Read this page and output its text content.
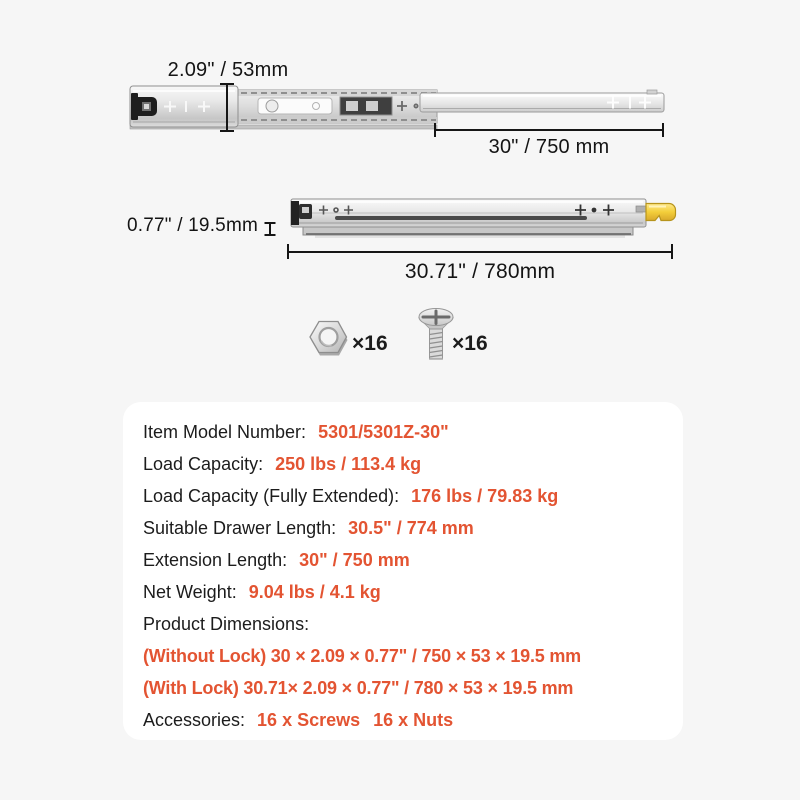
2.09" / 53mm
30" / 750 mm
0.77" / 19.5mm
30.71" / 780mm
×16	×16
Item Model Number: 5301/5301Z-30"
Load Capacity: 250 lbs / 113.4 kg
Load Capacity (Fully Extended): 176 lbs / 79.83 kg
Suitable Drawer Length: 30.5" / 774 mm
Extension Length: 30" / 750 mm
Net Weight: 9.04 lbs / 4.1 kg
Product Dimensions:
(Without Lock) 30 × 2.09 × 0.77" / 750 × 53 × 19.5 mm
(With Lock) 30.71× 2.09 × 0.77" / 780 × 53 × 19.5 mm
Accessories: 16 x Screws 16 x Nuts
